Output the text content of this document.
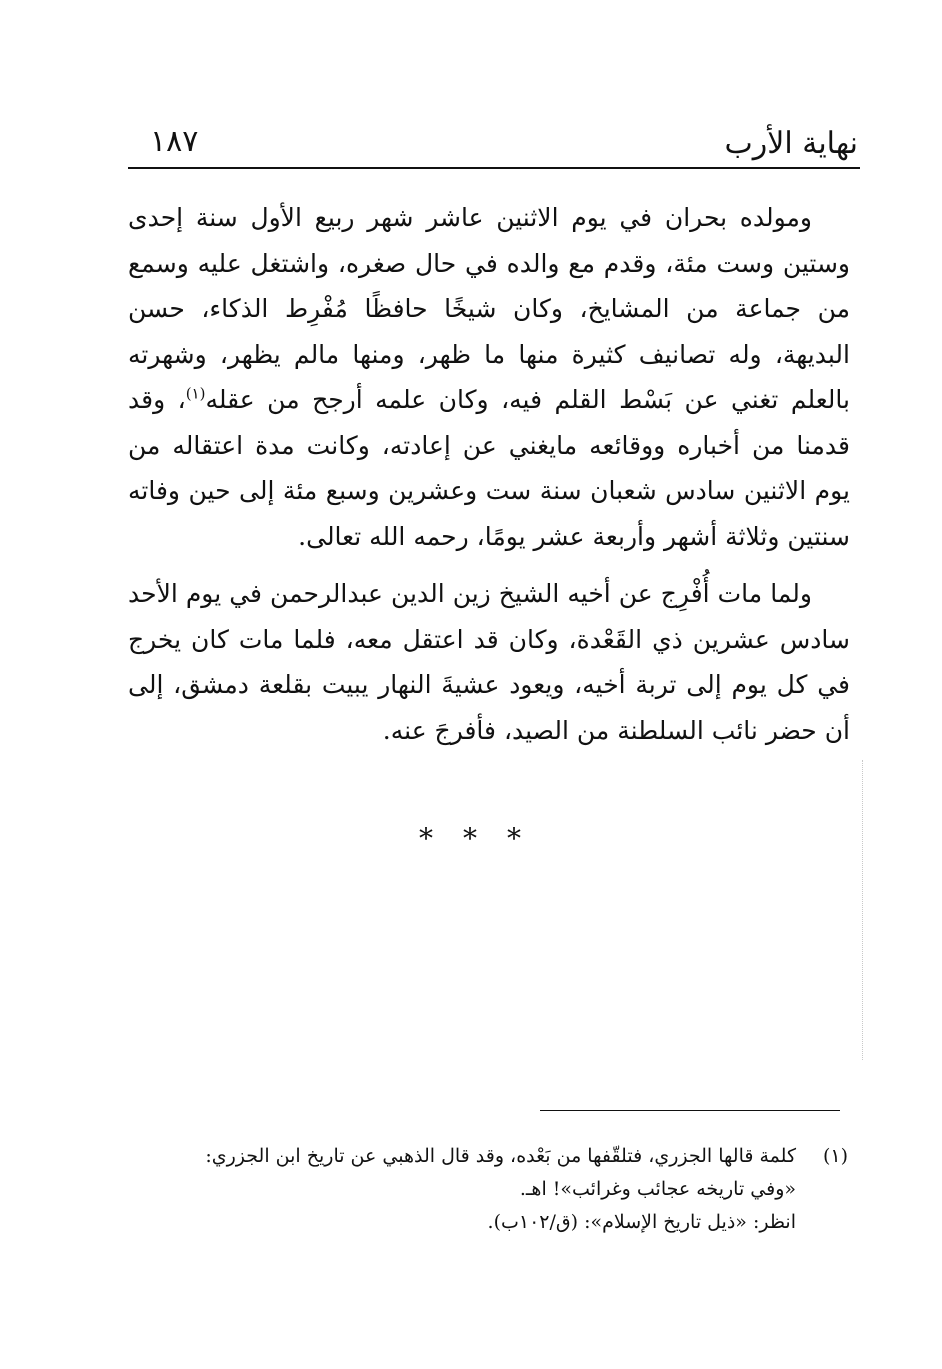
نهاية الأرب
١٨٧

ومولده بحران في يوم الاثنين عاشر شهر ربيع الأول سنة إحدى وستين وست مئة، وقدم مع والده في حال صغره، واشتغل عليه وسمع من جماعة من المشايخ، وكان شيخًا حافظًا مُفْرِط الذكاء، حسن البديهة، وله تصانيف كثيرة منها ما ظهر، ومنها مالم يظهر، وشهرته بالعلم تغني عن بَسْط القلم فيه، وكان علمه أرجح من عقله$^{(١)}$، وقد قدمنا من أخباره ووقائعه مايغني عن إعادته، وكانت مدة اعتقاله من يوم الاثنين سادس شعبان سنة ست وعشرين وسبع مئة إلى حين وفاته سنتين وثلاثة أشهر وأربعة عشر يومًا، رحمه الله تعالى.

ولما مات أُفْرِج عن أخيه الشيخ زين الدين عبدالرحمن في يوم الأحد سادس عشرين ذي القَعْدة، وكان قد اعتقل معه، فلما مات كان يخرج في كل يوم إلى تربة أخيه، ويعود عشيةَ النهار يبيت بقلعة دمشق، إلى أن حضر نائب السلطنة من الصيد، فأفرجَ عنه.

***
(١)كلمة قالها الجزري، فتلقّفها من بَعْده، وقد قال الذهبي عن تاريخ ابن الجزري:
«وفي تاريخه عجائب وغرائب»! اهـ.
انظر: «ذيل تاريخ الإسلام»: (ق/١٠٢ب).
